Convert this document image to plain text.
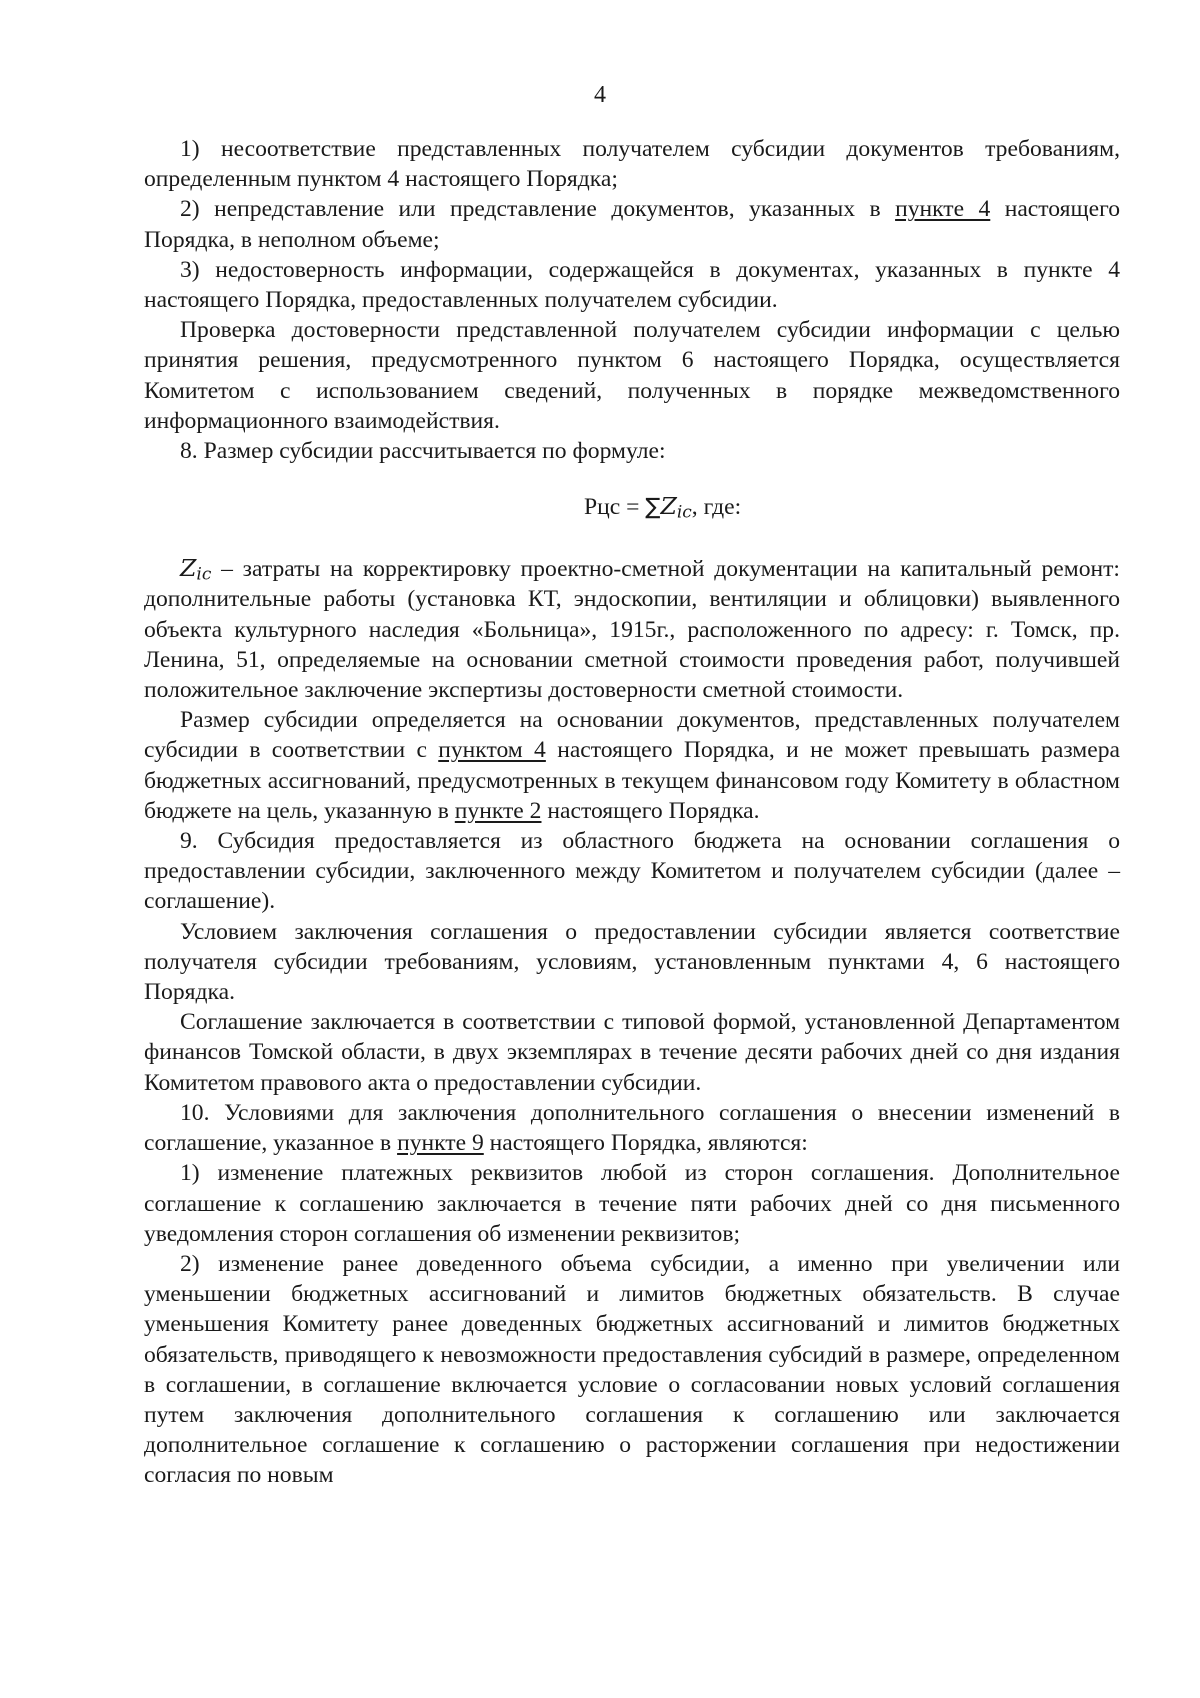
4

1) несоответствие представленных получателем субсидии документов требованиям, определенным пунктом 4 настоящего Порядка;

2) непредставление или представление документов, указанных в пункте 4 настоящего Порядка, в неполном объеме;

3) недостоверность информации, содержащейся в документах, указанных в пункте 4 настоящего Порядка, предоставленных получателем субсидии.

Проверка достоверности представленной получателем субсидии информации с целью принятия решения, предусмотренного пунктом 6 настоящего Порядка, осуществляется Комитетом с использованием сведений, полученных в порядке межведомственного информационного взаимодействия.

8. Размер субсидии рассчитывается по формуле:

Рцс = $\sum Z_{ic}$, где:

$Z_{ic}$ – затраты на корректировку проектно-сметной документации на капитальный ремонт: дополнительные работы (установка КТ, эндоскопии, вентиляции и облицовки) выявленного объекта культурного наследия «Больница», 1915г., расположенного по адресу: г. Томск, пр. Ленина, 51, определяемые на основании сметной стоимости проведения работ, получившей положительное заключение экспертизы достоверности сметной стоимости.

Размер субсидии определяется на основании документов, представленных получателем субсидии в соответствии с пунктом 4 настоящего Порядка, и не может превышать размера бюджетных ассигнований, предусмотренных в текущем финансовом году Комитету в областном бюджете на цель, указанную в пункте 2 настоящего Порядка.

9. Субсидия предоставляется из областного бюджета на основании соглашения о предоставлении субсидии, заключенного между Комитетом и получателем субсидии (далее – соглашение).

Условием заключения соглашения о предоставлении субсидии является соответствие получателя субсидии требованиям, условиям, установленным пунктами 4, 6 настоящего Порядка.

Соглашение заключается в соответствии с типовой формой, установленной Департаментом финансов Томской области, в двух экземплярах в течение десяти рабочих дней со дня издания Комитетом правового акта о предоставлении субсидии.

10. Условиями для заключения дополнительного соглашения о внесении изменений в соглашение, указанное в пункте 9 настоящего Порядка, являются:

1) изменение платежных реквизитов любой из сторон соглашения. Дополнительное соглашение к соглашению заключается в течение пяти рабочих дней со дня письменного уведомления сторон соглашения об изменении реквизитов;

2) изменение ранее доведенного объема субсидии, а именно при увеличении или уменьшении бюджетных ассигнований и лимитов бюджетных обязательств. В случае уменьшения Комитету ранее доведенных бюджетных ассигнований и лимитов бюджетных обязательств, приводящего к невозможности предоставления субсидий в размере, определенном в соглашении, в соглашение включается условие о согласовании новых условий соглашения путем заключения дополнительного соглашения к соглашению или заключается дополнительное соглашение к соглашению о расторжении соглашения при недостижении согласия по новым
